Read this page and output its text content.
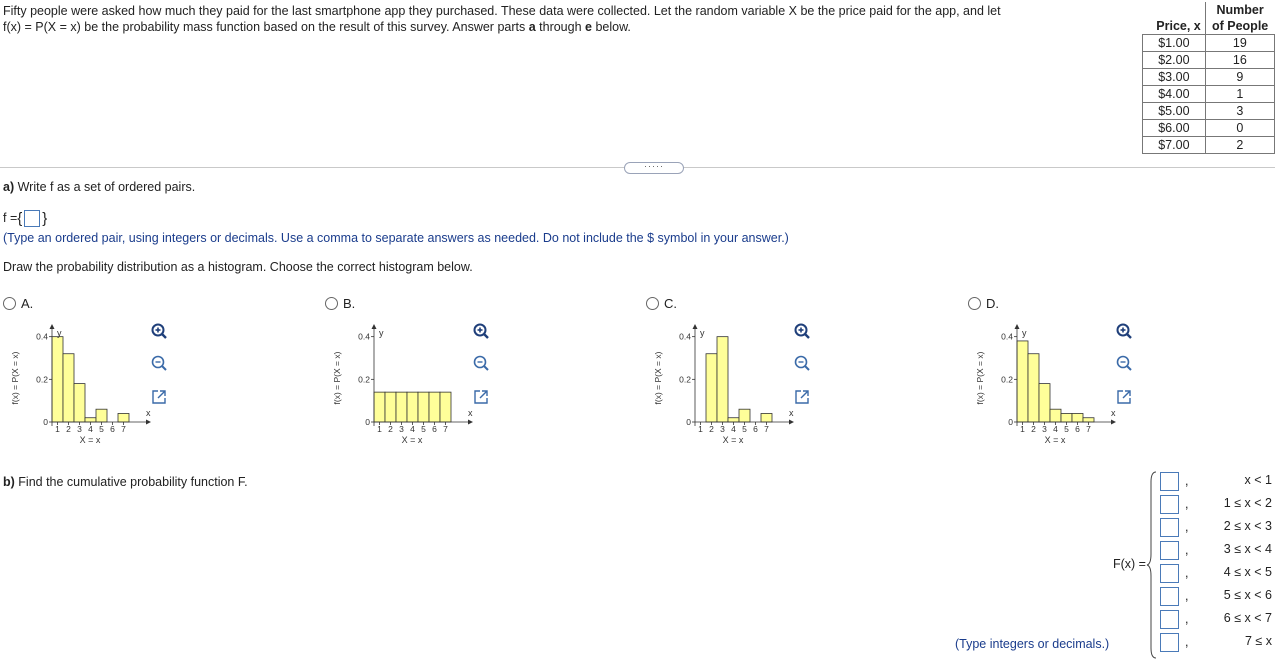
Fifty people were asked how much they paid for the last smartphone app they purchased. These data were collected. Let the random variable X be the price paid for the app, and let
f(x) = P(X = x) be the probability mass function based on the result of this survey. Answer parts a through e below.	Price, x	Number
	of People
$1.00	19
$2.00	16
$3.00	9
$4.00	1
$5.00	3
$6.00	0
$7.00	2
·····
a) Write f as a set of ordered pairs.
f ={ }
(Type an ordered pair, using integers or decimals. Use a comma to separate answers as needed. Do not include the $ symbol in your answer.)
Draw the probability distribution as a histogram. Choose the correct histogram below.
A.	B.	C.	D.
f(x) = P(X = x)
x
y
0
0.2
0.4
1 2 3 4 5 6 7
X = x
f(x) = P(X = x)
x
y
0
0.2
0.4
1 2 3 4 5 6 7
X = x
f(x) = P(X = x)
x
y
0
0.2
0.4
1 2 3 4 5 6 7
X = x
f(x) = P(X = x)
x
y
0
0.2
0.4
1 2 3 4 5 6 7
X = x
b) Find the cumulative probability function F.
F(x) =
,	x < 1
,	1 ≤ x < 2
,	2 ≤ x < 3
,	3 ≤ x < 4
,	4 ≤ x < 5
,	5 ≤ x < 6
,	6 ≤ x < 7
,	7 ≤ x
(Type integers or decimals.)
